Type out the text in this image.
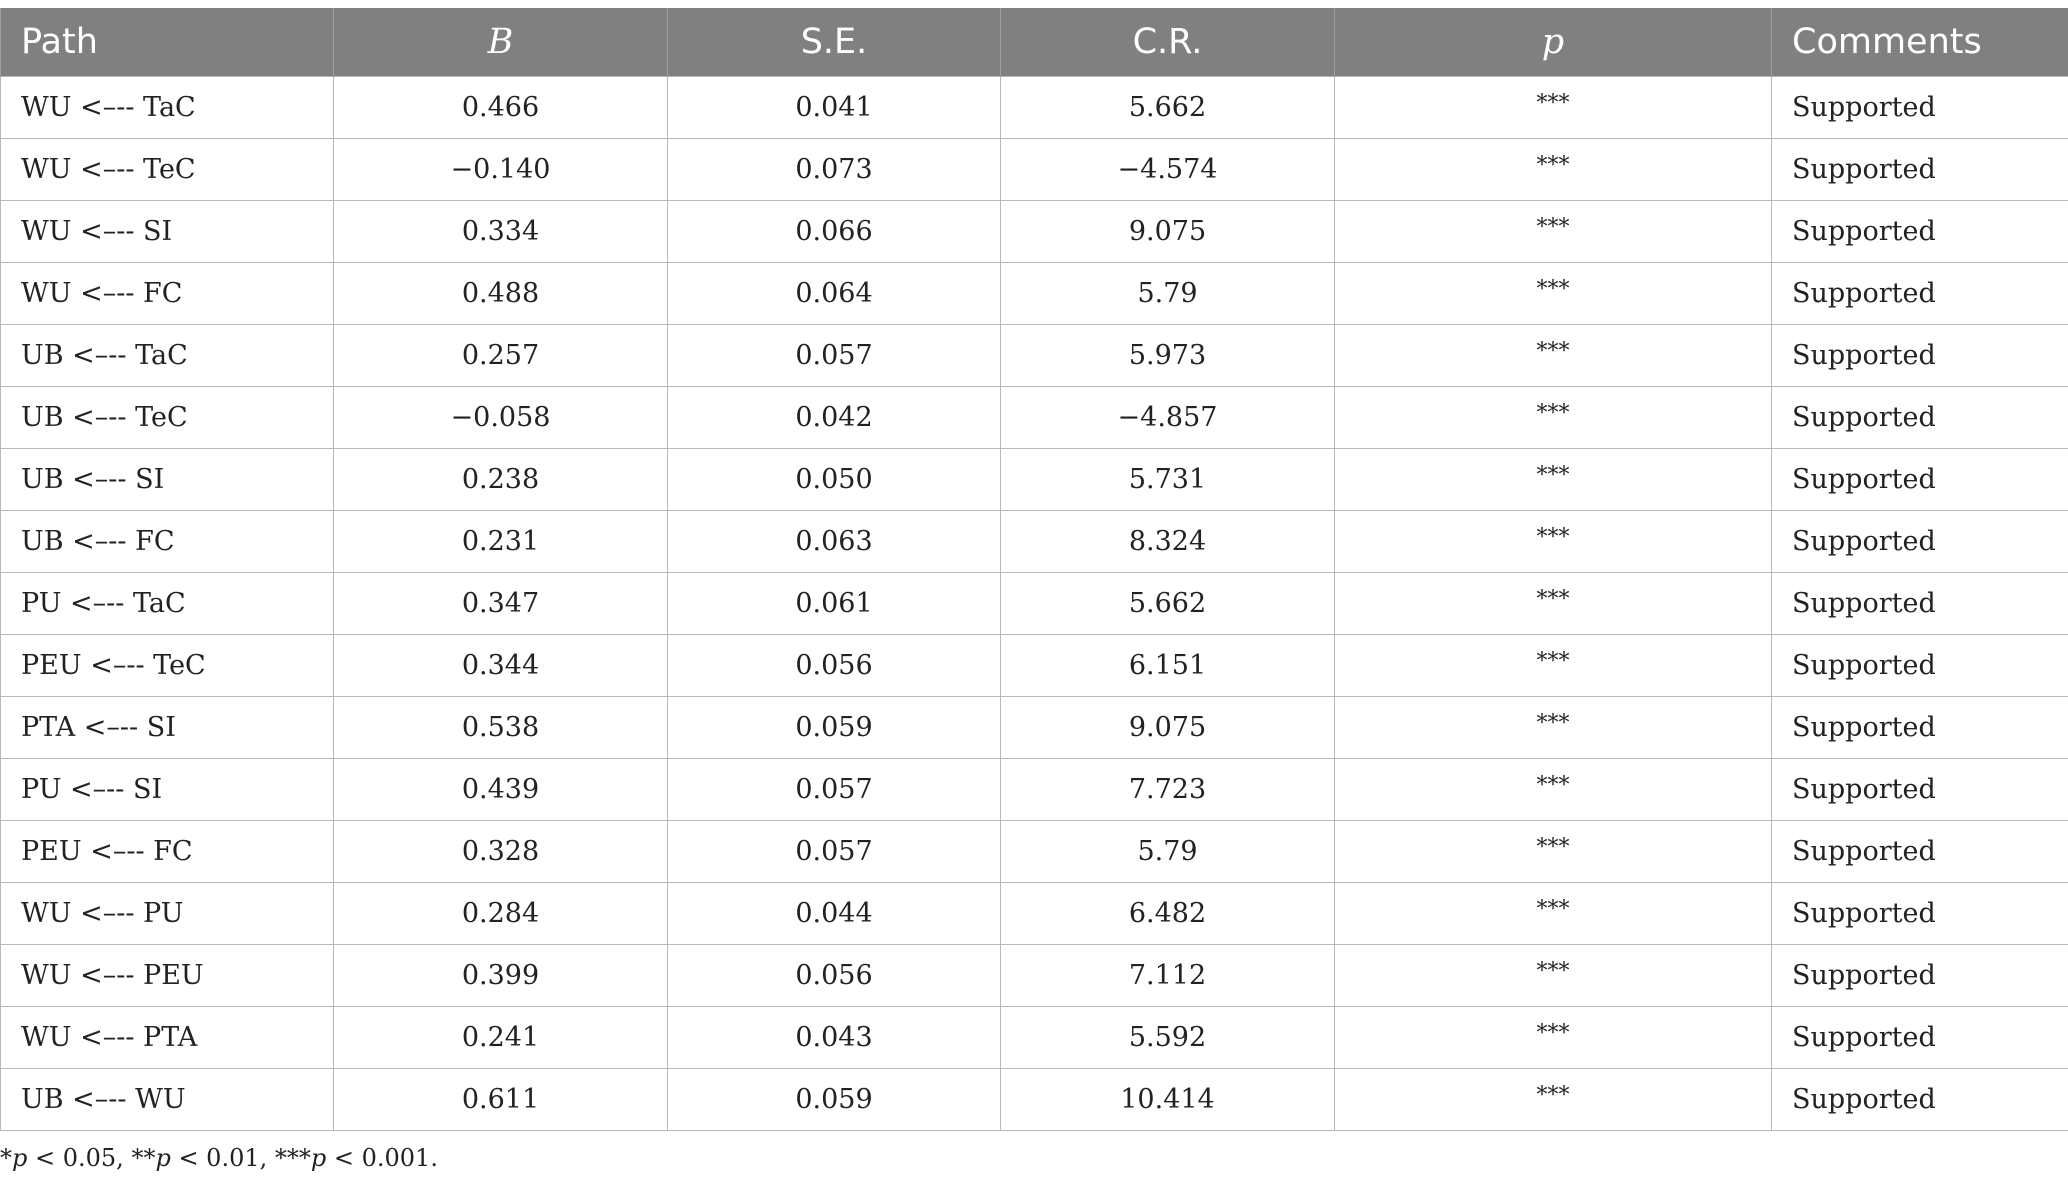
Path	B	S.E.	C.R.	p	Comments
WU <–-- TaC	0.466	0.041	5.662	***	Supported
WU <–-- TeC	−0.140	0.073	−4.574	***	Supported
WU <–-- SI	0.334	0.066	9.075	***	Supported
WU <–-- FC	0.488	0.064	5.79	***	Supported
UB <–-- TaC	0.257	0.057	5.973	***	Supported
UB <–-- TeC	−0.058	0.042	−4.857	***	Supported
UB <–-- SI	0.238	0.050	5.731	***	Supported
UB <–-- FC	0.231	0.063	8.324	***	Supported
PU <–-- TaC	0.347	0.061	5.662	***	Supported
PEU <–-- TeC	0.344	0.056	6.151	***	Supported
PTA <–-- SI	0.538	0.059	9.075	***	Supported
PU <–-- SI	0.439	0.057	7.723	***	Supported
PEU <–-- FC	0.328	0.057	5.79	***	Supported
WU <–-- PU	0.284	0.044	6.482	***	Supported
WU <–-- PEU	0.399	0.056	7.112	***	Supported
WU <–-- PTA	0.241	0.043	5.592	***	Supported
UB <–-- WU	0.611	0.059	10.414	***	Supported
*p < 0.05, **p < 0.01, ***p < 0.001.
